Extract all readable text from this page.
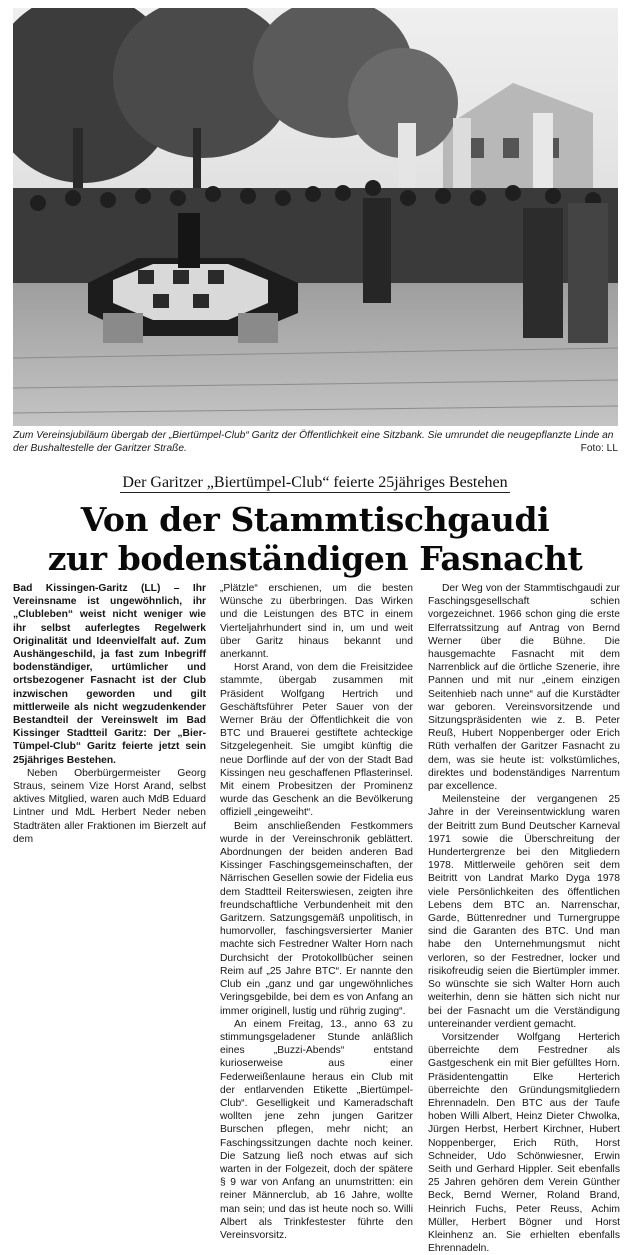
Zum Vereinsjubiläum übergab der „Biertümpel-Club“ Garitz der Öffentlichkeit eine Sitzbank. Sie umrundet die neugepflanzte Linde an der Bushaltestelle der Garitzer Straße.	Foto: LL
Der Garitzer „Biertümpel-Club“ feierte 25jähriges Bestehen
Von der Stammtischgaudi
zur bodenständigen Fasnacht

Bad Kissingen-Garitz (LL) – Ihr Vereinsname ist ungewöhnlich, ihr „Clubleben“ weist nicht weniger wie ihr selbst auferlegtes Regelwerk Originalität und Ideenvielfalt auf. Zum Aushängeschild, ja fast zum Inbegriff bodenständiger, urtümlicher und ortsbezogener Fasnacht ist der Club inzwischen geworden und gilt mittlerweile als nicht wegzudenkender Bestandteil der Vereinswelt im Bad Kissinger Stadtteil Garitz: Der „Bier-Tümpel-Club“ Garitz feierte jetzt sein 25jähriges Bestehen.

Neben Oberbürgermeister Georg Straus, seinem Vize Horst Arand, selbst aktives Mitglied, waren auch MdB Eduard Lintner und MdL Herbert Neder neben Stadträten aller Fraktionen im Bierzelt auf dem

„Plätzle“ erschienen, um die besten Wünsche zu überbringen. Das Wirken und die Leistungen des BTC in einem Vierteljahrhundert sind in, um und weit über Garitz hinaus bekannt und anerkannt.

Horst Arand, von dem die Freisitzidee stammte, übergab zusammen mit Präsident Wolfgang Hertrich und Geschäftsführer Peter Sauer von der Werner Bräu der Öffentlichkeit die von BTC und Brauerei gestiftete achteckige Sitzgelegenheit. Sie umgibt künftig die neue Dorflinde auf der von der Stadt Bad Kissingen neu geschaffenen Pflasterinsel. Mit einem Probesitzen der Prominenz wurde das Geschenk an die Bevölkerung offiziell „eingeweiht“.

Beim anschließenden Festkommers wurde in der Vereinschronik geblättert. Abordnungen der beiden anderen Bad Kissinger Faschingsgemeinschaften, der Närrischen Gesellen sowie der Fidelia eus dem Stadtteil Reiterswiesen, zeigten ihre freundschaftliche Verbundenheit mit den Garitzern. Satzungsgemäß unpolitisch, in humorvoller, faschingsversierter Manier machte sich Festredner Walter Horn nach Durchsicht der Protokollbücher seinen Reim auf „25 Jahre BTC“. Er nannte den Club ein „ganz und gar ungewöhnliches Veringsgebilde, bei dem es von Anfang an immer originell, lustig und rührig zuging“.

An einem Freitag, 13., anno 63 zu stimmungsgeladener Stunde anläßlich eines „Buzzi-Abends“ entstand kurioserweise aus einer Federweißenlaune heraus ein Club mit der entlarvenden Etikette „Biertümpel-Club“. Geselligkeit und Kameradschaft wollten jene zehn jungen Garitzer Burschen pflegen, mehr nicht; an Faschingssitzungen dachte noch keiner. Die Satzung ließ noch etwas auf sich warten in der Folgezeit, doch der spätere § 9 war von Anfang an unumstritten: ein reiner Männerclub, ab 16 Jahre, wollte man sein; und das ist heute noch so. Willi Albert als Trinkfestester führte den Vereinsvorsitz.

Der Weg von der Stammtischgaudi zur Faschingsgesellschaft schien vorgezeichnet. 1966 schon ging die erste Elferratssitzung auf Antrag von Bernd Werner über die Bühne. Die hausgemachte Fasnacht mit dem Narrenblick auf die örtliche Szenerie, ihre Pannen und mit nur „einem einzigen Seitenhieb nach unne“ auf die Kurstädter war geboren. Vereinsvorsitzende und Sitzungspräsidenten wie z. B. Peter Reuß, Hubert Noppenberger oder Erich Rüth verhalfen der Garitzer Fasnacht zu dem, was sie heute ist: volkstümliches, direktes und bodenständiges Narrentum par excellence.

Meilensteine der vergangenen 25 Jahre in der Vereinsentwicklung waren der Beitritt zum Bund Deutscher Karneval 1971 sowie die Überschreitung der Hundertergrenze bei den Mitgliedern 1978. Mittlerweile gehören seit dem Beitritt von Landrat Marko Dyga 1978 viele Persönlichkeiten des öffentlichen Lebens dem BTC an. Narrenschar, Garde, Büttenredner und Turnergruppe sind die Garanten des BTC. Und man habe den Unternehmungsmut nicht verloren, so der Festredner, locker und risikofreudig seien die Biertümpler immer. So wünschte sie sich Walter Horn auch weiterhin, denn sie hätten sich nicht nur bei der Fasnacht um die Verständigung untereinander verdient gemacht.

Vorsitzender Wolfgang Herterich überreichte dem Festredner als Gastgeschenk ein mit Bier gefülltes Horn. Präsidentengattin Elke Herterich überreichte den Gründungsmitgliedern Ehrennadeln. Den BTC aus der Taufe hoben Willi Albert, Heinz Dieter Chwolka, Jürgen Herbst, Herbert Kirchner, Hubert Noppenberger, Erich Rüth, Horst Schneider, Udo Schönwiesner, Erwin Seith und Gerhard Hippler. Seit ebenfalls 25 Jahren gehören dem Verein Günther Beck, Bernd Werner, Roland Brand, Heinrich Fuchs, Peter Reuss, Achim Müller, Herbert Bögner und Horst Kleinhenz an. Sie erhielten ebenfalls Ehrennadeln.
